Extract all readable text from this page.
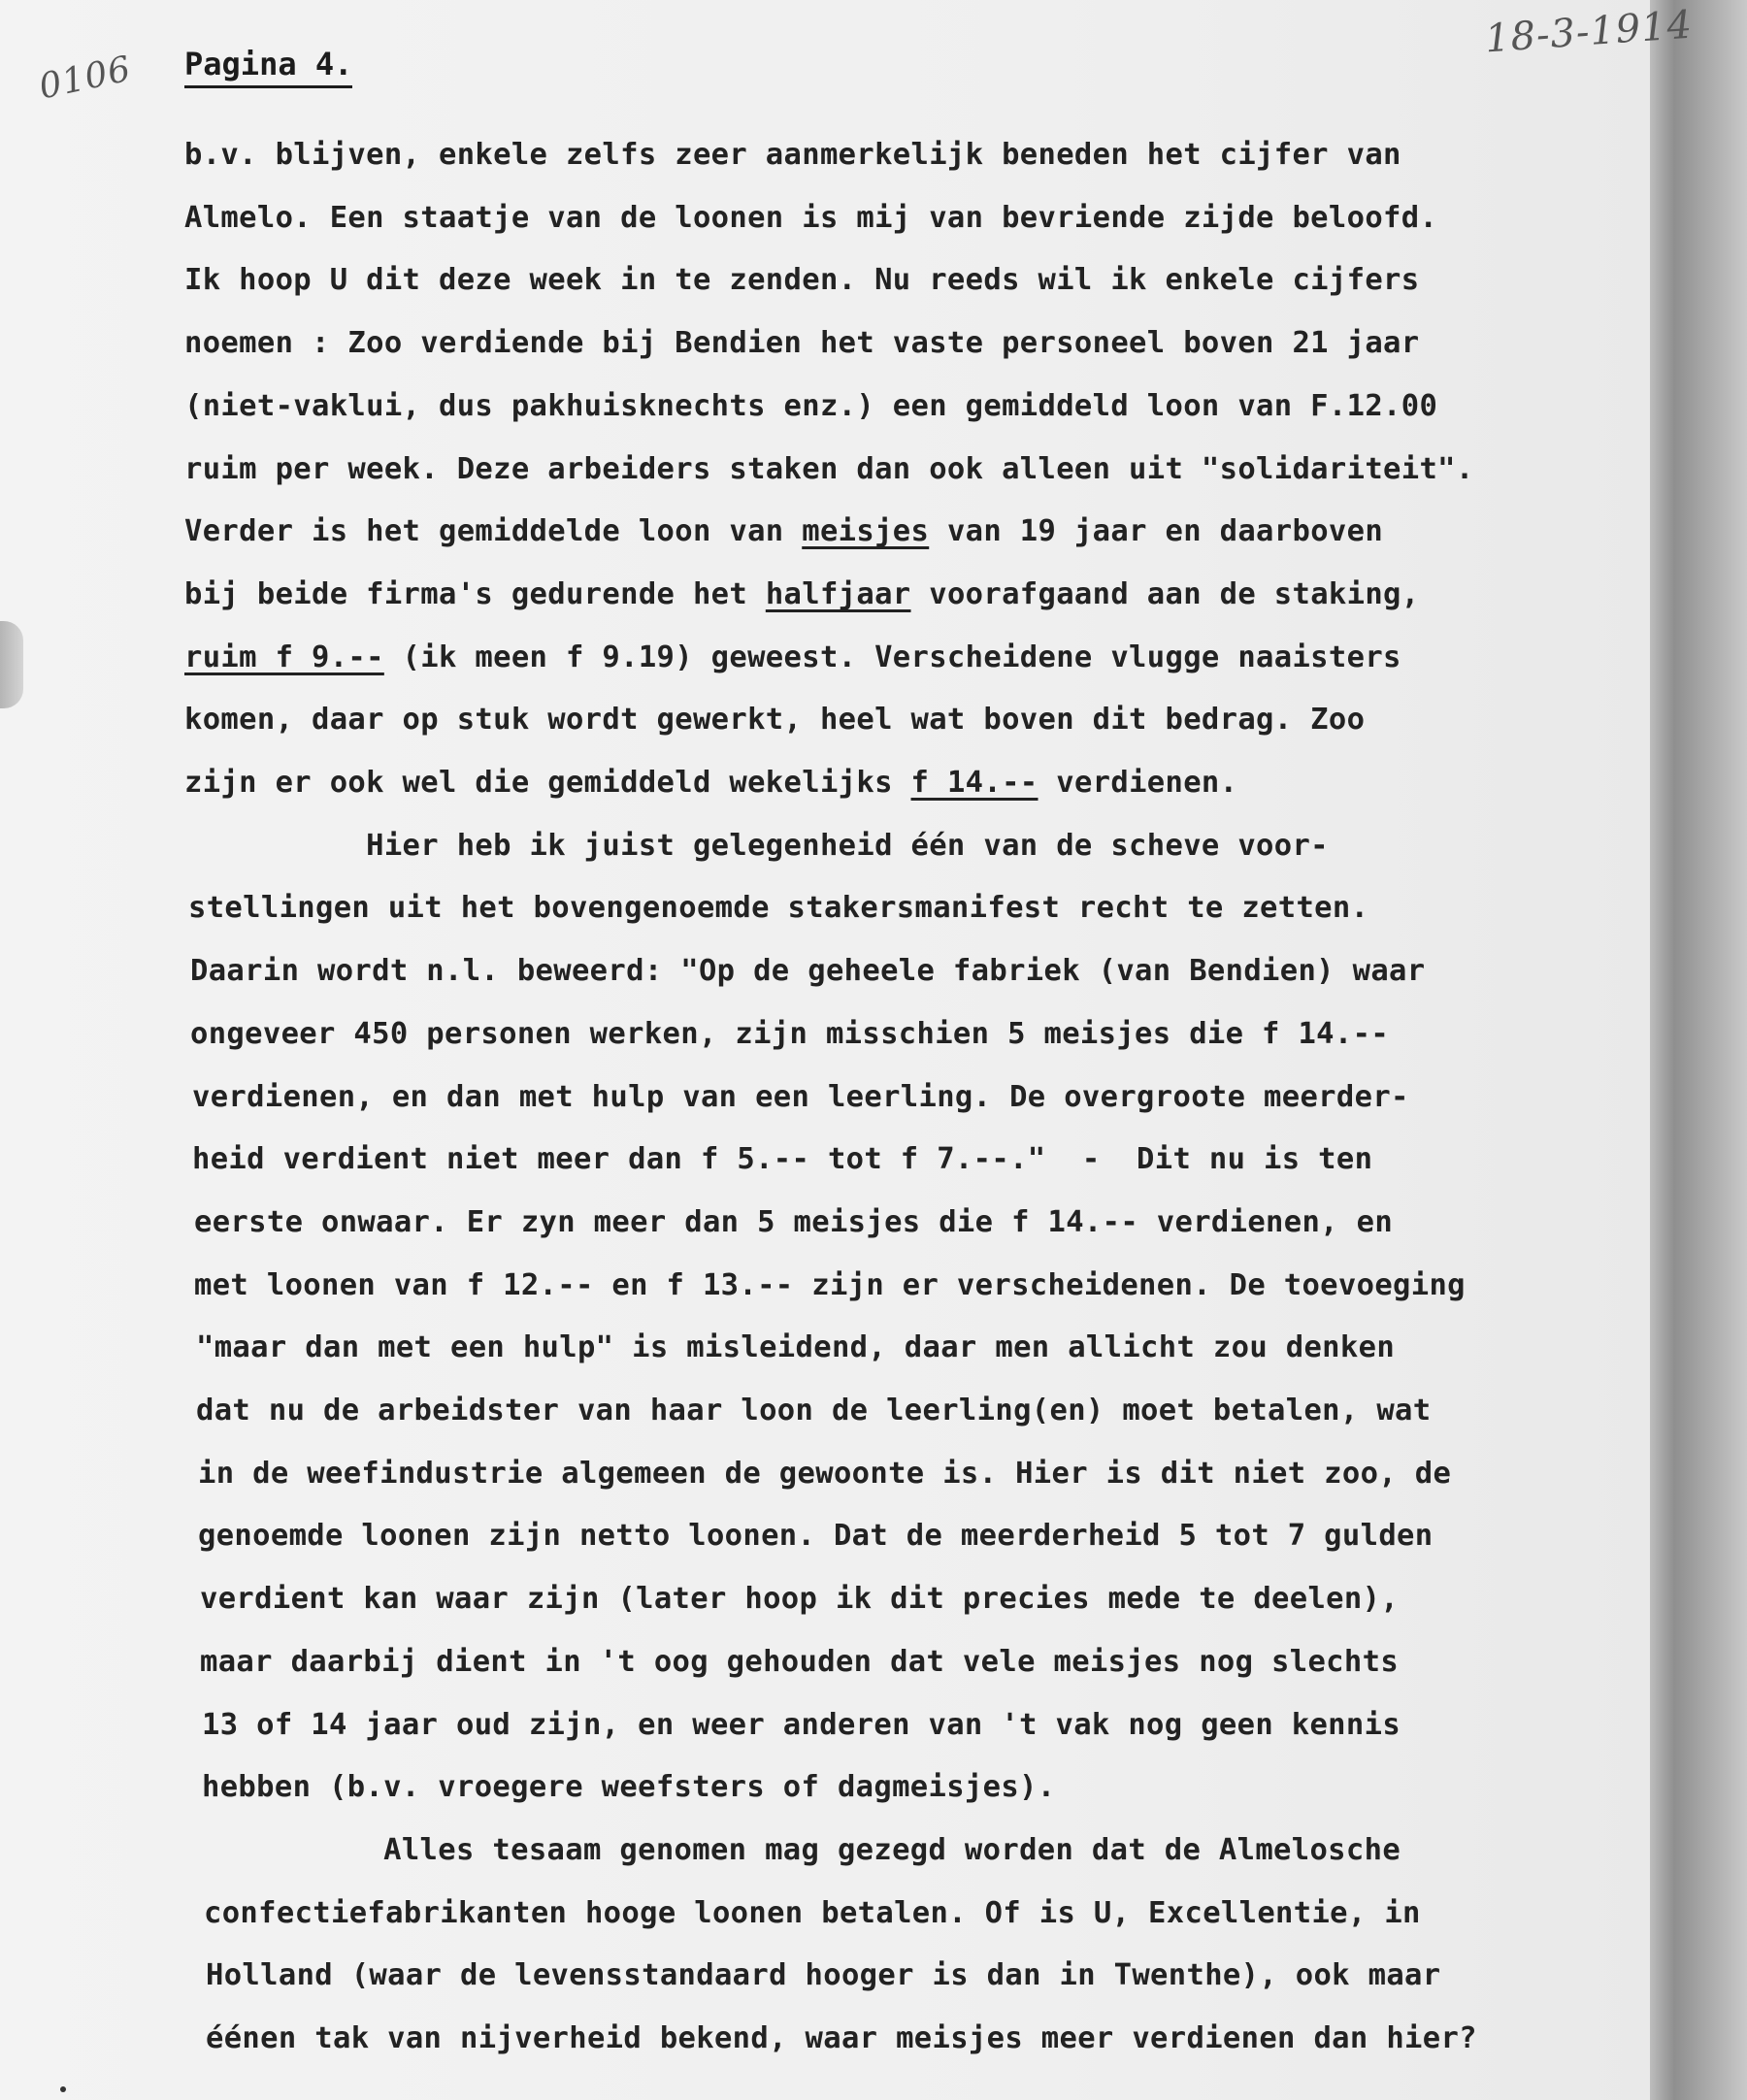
18-3-1914
0106 Pagina 4.
b.v. blijven, enkele zelfs zeer aanmerkelijk beneden het cijfer van
Almelo. Een staatje van de loonen is mij van bevriende zijde beloofd.
Ik hoop U dit deze week in te zenden. Nu reeds wil ik enkele cijfers
noemen : Zoo verdiende bij Bendien het vaste personeel boven 21 jaar
(niet-vaklui, dus pakhuisknechts enz.) een gemiddeld loon van F.12.00
ruim per week. Deze arbeiders staken dan ook alleen uit "solidariteit".
Verder is het gemiddelde loon van meisjes van 19 jaar en daarboven
bij beide firma's gedurende het halfjaar voorafgaand aan de staking,
ruim f 9.-- (ik meen f 9.19) geweest. Verscheidene vlugge naaisters
komen, daar op stuk wordt gewerkt, heel wat boven dit bedrag. Zoo
zijn er ook wel die gemiddeld wekelijks f 14.-- verdienen.
Hier heb ik juist gelegenheid één van de scheve voor-
stellingen uit het bovengenoemde stakersmanifest recht te zetten.
Daarin wordt n.l. beweerd: "Op de geheele fabriek (van Bendien) waar
ongeveer 450 personen werken, zijn misschien 5 meisjes die f 14.--
verdienen, en dan met hulp van een leerling. De overgroote meerder-
heid verdient niet meer dan f 5.-- tot f 7.--."  -  Dit nu is ten
eerste onwaar. Er zyn meer dan 5 meisjes die f 14.-- verdienen, en
met loonen van f 12.-- en f 13.-- zijn er verscheidenen. De toevoeging
"maar dan met een hulp" is misleidend, daar men allicht zou denken
dat nu de arbeidster van haar loon de leerling(en) moet betalen, wat
in de weefindustrie algemeen de gewoonte is. Hier is dit niet zoo, de
genoemde loonen zijn netto loonen. Dat de meerderheid 5 tot 7 gulden
verdient kan waar zijn (later hoop ik dit precies mede te deelen),
maar daarbij dient in 't oog gehouden dat vele meisjes nog slechts
13 of 14 jaar oud zijn, en weer anderen van 't vak nog geen kennis
hebben (b.v. vroegere weefsters of dagmeisjes).
Alles tesaam genomen mag gezegd worden dat de Almelosche
confectiefabrikanten hooge loonen betalen. Of is U, Excellentie, in
Holland (waar de levensstandaard hooger is dan in Twenthe), ook maar
éénen tak van nijverheid bekend, waar meisjes meer verdienen dan hier?
